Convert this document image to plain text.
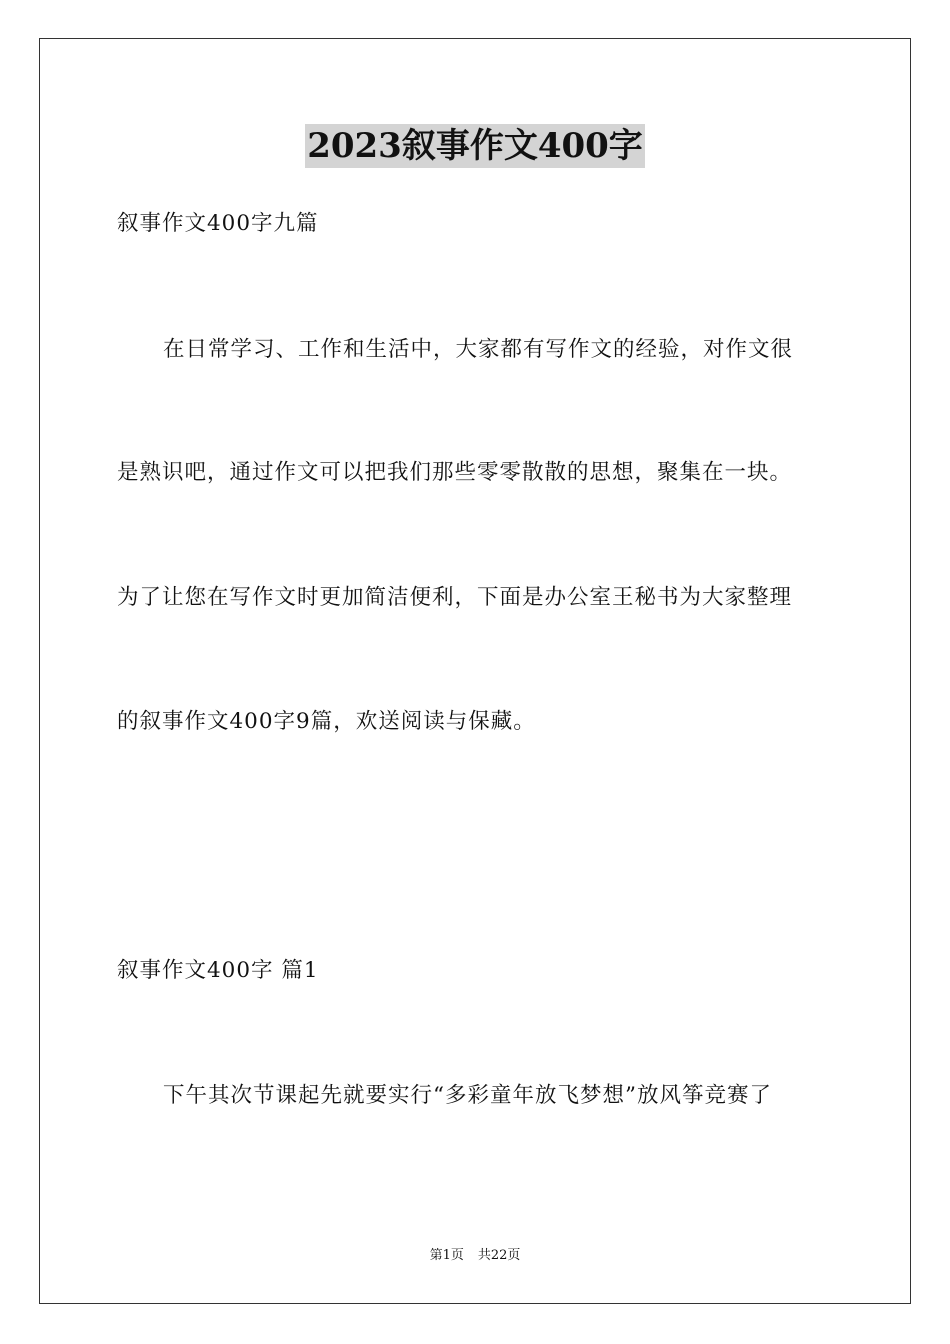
2023叙事作文400字
叙事作文400字九篇
在日常学习、工作和生活中，大家都有写作文的经验，对作文很
是熟识吧，通过作文可以把我们那些零零散散的思想，聚集在一块。
为了让您在写作文时更加简洁便利，下面是办公室王秘书为大家整理
的叙事作文400字9篇，欢送阅读与保藏。
叙事作文400字 篇1
下午其次节课起先就要实行“多彩童年放飞梦想”放风筝竞赛了
第1页 共22页
